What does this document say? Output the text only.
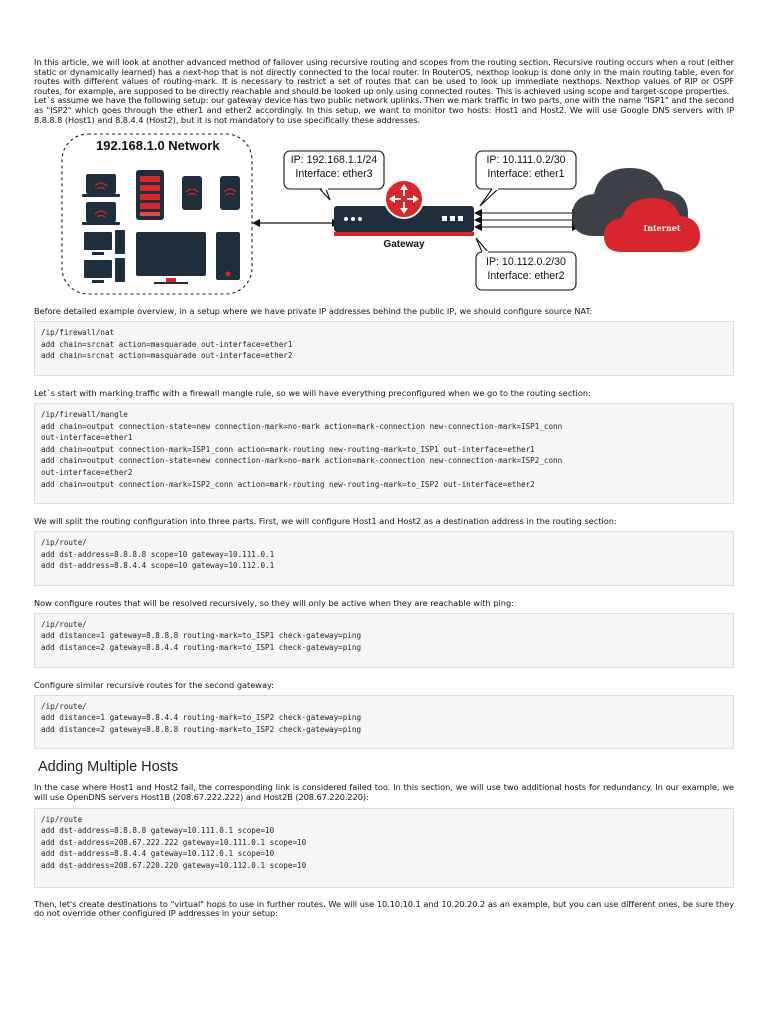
In this article, we will look at another advanced method of failover using recursive routing and scopes from the routing section. Recursive routing occurs when a rout (either static or dynamically learned) has a next-hop that is not directly connected to the local router. In RouterOS, nexthop lookup is done only in the main routing table, even for routes with different values of routing-mark. It is necessary to restrict a set of routes that can be used to look up immediate nexthops. Nexthop values of RIP or OSPF routes, for example, are supposed to be directly reachable and should be looked up only using connected routes. This is achieved using scope and target-scope properties.

Let`s assume we have the following setup: our gateway device has two public network uplinks. Then we mark traffic in two parts, one with the name "ISP1" and the second as "ISP2" which goes through the ether1 and ether2 accordingly. In this setup, we want to monitor two hosts: Host1 and Host2. We will use Google DNS servers with IP 8.8.8.8 (Host1) and 8.8.4.4 (Host2), but it is not mandatory to use specifically these addresses.

192.168.1.0 Network
IP: 192.168.1.1/24
Interface: ether3
IP: 10.111.0.2/30
Interface: ether1
IP: 10.112.0.2/30
Interface: ether2
Gateway
Internet

Before detailed example overview, in a setup where we have private IP addresses behind the public IP, we should configure source NAT:

/ip/firewall/nat
add chain=srcnat action=masquarade out-interface=ether1
add chain=srcnat action=masquarade out-interface=ether2

Let`s start with marking traffic with a firewall mangle rule, so we will have everything preconfigured when we go to the routing section:

/ip/firewall/mangle
add chain=output connection-state=new connection-mark=no-mark action=mark-connection new-connection-mark=ISP1_conn
out-interface=ether1
add chain=output connection-mark=ISP1_conn action=mark-routing new-routing-mark=to_ISP1 out-interface=ether1
add chain=output connection-state=new connection-mark=no-mark action=mark-connection new-connection-mark=ISP2_conn
out-interface=ether2
add chain=output connection-mark=ISP2_conn action=mark-routing new-routing-mark=to_ISP2 out-interface=ether2

We will split the routing configuration into three parts. First, we will configure Host1 and Host2 as a destination address in the routing section:

/ip/route/
add dst-address=8.8.8.8 scope=10 gateway=10.111.0.1
add dst-address=8.8.4.4 scope=10 gateway=10.112.0.1

Now configure routes that will be resolved recursively, so they will only be active when they are reachable with ping:

/ip/route/
add distance=1 gateway=8.8.8.8 routing-mark=to_ISP1 check-gateway=ping
add distance=2 gateway=8.8.4.4 routing-mark=to_ISP1 check-gateway=ping

Configure similar recursive routes for the second gateway:

/ip/route/
add distance=1 gateway=8.8.4.4 routing-mark=to_ISP2 check-gateway=ping
add distance=2 gateway=8.8.8.8 routing-mark=to_ISP2 check-gateway=ping
Adding Multiple Hosts

In the case where Host1 and Host2 fail, the corresponding link is considered failed too. In this section, we will use two additional hosts for redundancy. In our example, we will use OpenDNS servers Host1B (208.67.222.222) and Host2B (208.67.220.220):

/ip/route
add dst-address=8.8.8.8 gateway=10.111.0.1 scope=10
add dst-address=208.67.222.222 gateway=10.111.0.1 scope=10
add dst-address=8.8.4.4 gateway=10.112.0.1 scope=10
add dst-address=208.67.220.220 gateway=10.112.0.1 scope=10

Then, let's create destinations to "virtual" hops to use in further routes. We will use 10.10.10.1 and 10.20.20.2 as an example, but you can use different ones, be sure they do not override other configured IP addresses in your setup:
